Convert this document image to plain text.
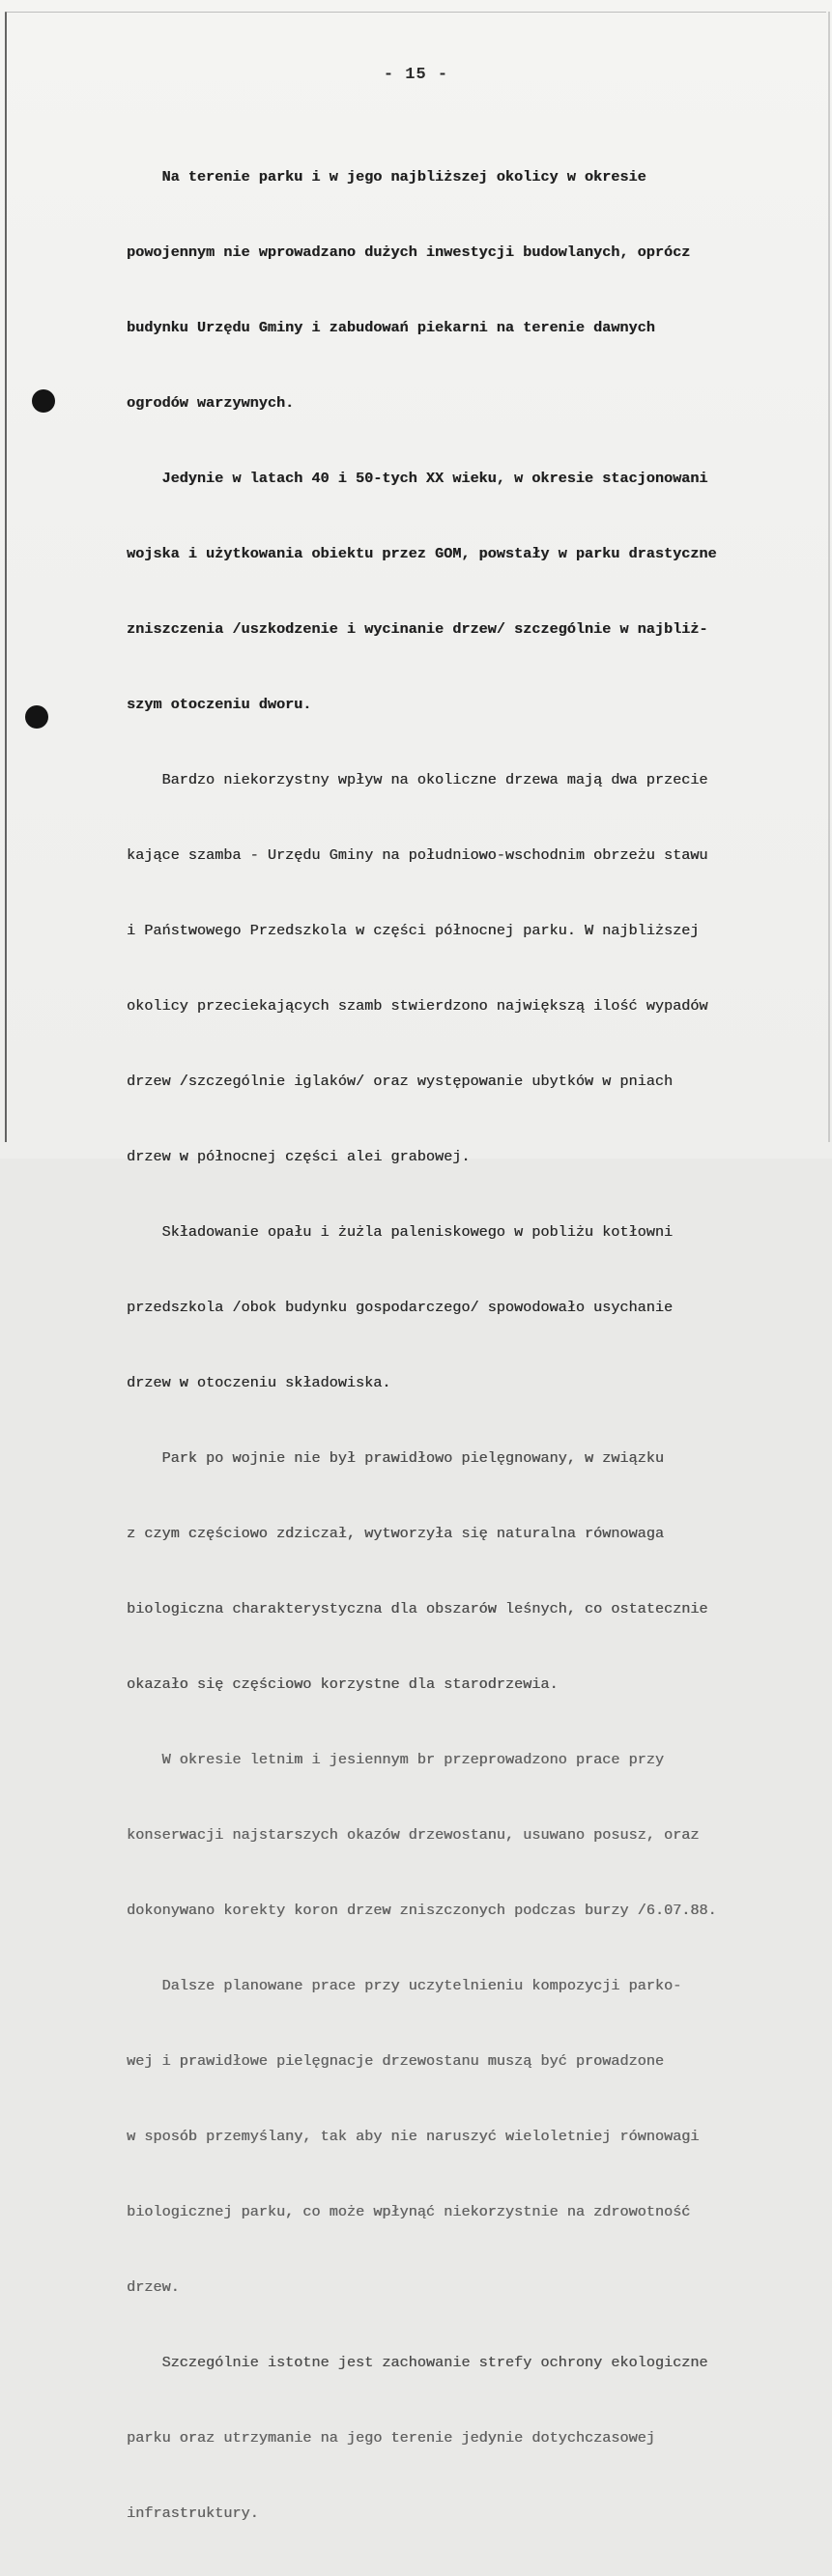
- 15 -

Na terenie parku i w jego najbliższej okolicy w okresie

powojennym nie wprowadzano dużych inwestycji budowlanych, oprócz

budynku Urzędu Gminy i zabudowań piekarni na terenie dawnych

ogrodów warzywnych.

Jedynie w latach 40 i 50-tych XX wieku, w okresie stacjonowani

wojska i użytkowania obiektu przez GOM, powstały w parku drastyczne

zniszczenia /uszkodzenie i wycinanie drzew/ szczególnie w najbliż-

szym otoczeniu dworu.

Bardzo niekorzystny wpływ na okoliczne drzewa mają dwa przecie

kające szamba - Urzędu Gminy na południowo-wschodnim obrzeżu stawu

i Państwowego Przedszkola w części północnej parku. W najbliższej

okolicy przeciekających szamb stwierdzono największą ilość wypadów

drzew /szczególnie iglaków/ oraz występowanie ubytków w pniach

drzew w północnej części alei grabowej.

Składowanie opału i żużla paleniskowego w pobliżu kotłowni

przedszkola /obok budynku gospodarczego/ spowodowało usychanie

drzew w otoczeniu składowiska.

Park po wojnie nie był prawidłowo pielęgnowany, w związku

z czym częściowo zdziczał, wytworzyła się naturalna równowaga

biologiczna charakterystyczna dla obszarów leśnych, co ostatecznie

okazało się częściowo korzystne dla starodrzewia.

W okresie letnim i jesiennym br przeprowadzono prace przy

konserwacji najstarszych okazów drzewostanu, usuwano posusz, oraz

dokonywano korekty koron drzew zniszczonych podczas burzy /6.07.88.

Dalsze planowane prace przy uczytelnieniu kompozycji parko-

wej i prawidłowe pielęgnacje drzewostanu muszą być prowadzone

w sposób przemyślany, tak aby nie naruszyć wieloletniej równowagi

biologicznej parku, co może wpłynąć niekorzystnie na zdrowotność

drzew.

Szczególnie istotne jest zachowanie strefy ochrony ekologiczne

parku oraz utrzymanie na jego terenie jedynie dotychczasowej

infrastruktury.
